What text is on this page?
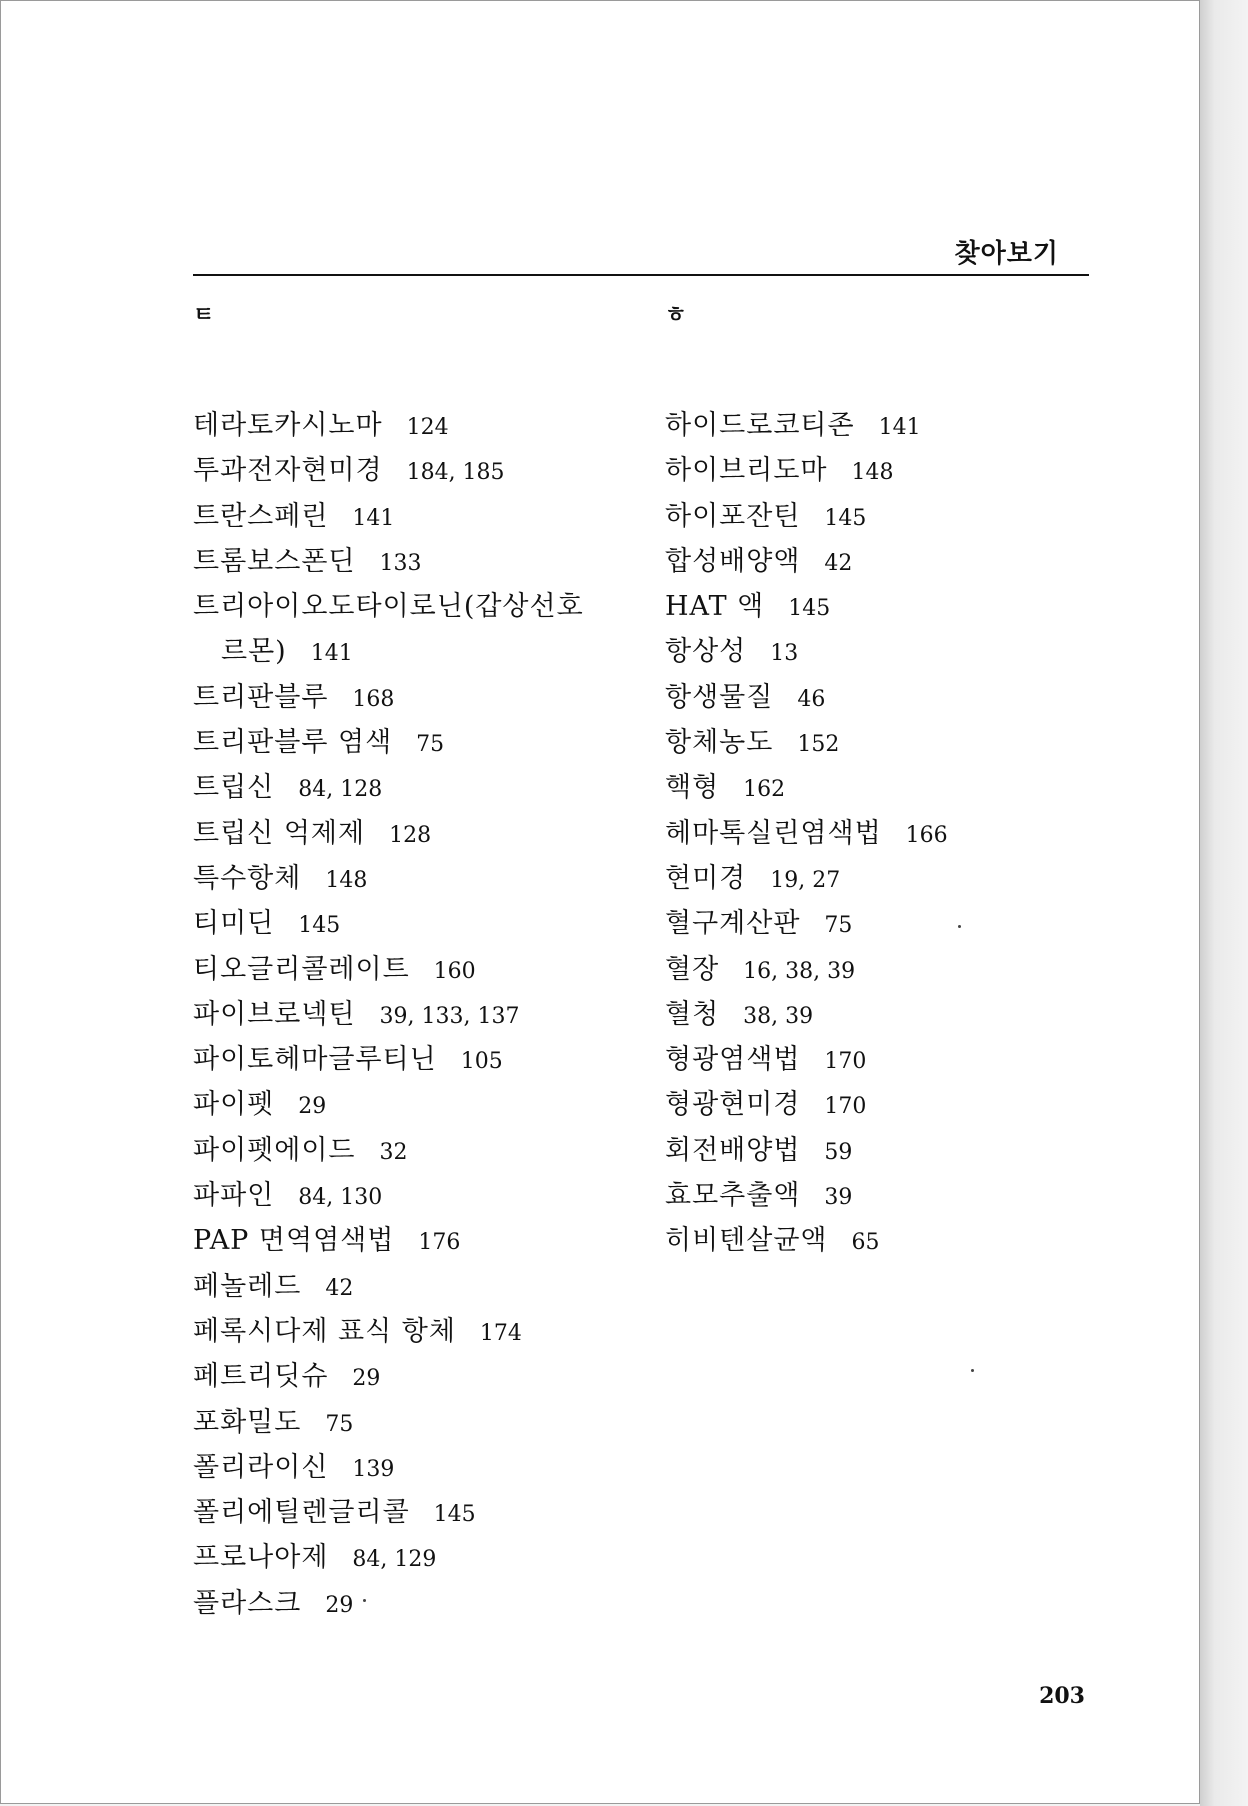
찾아보기
ㅌ
테라토카시노마 124
투과전자현미경 184, 185
트란스페린 141
트롬보스폰딘 133
트리아이오도타이로닌(갑상선호
르몬) 141
트리판블루 168
트리판블루 염색 75
트립신 84, 128
트립신 억제제 128
특수항체 148
티미딘 145
티오글리콜레이트 160
파이브로넥틴 39, 133, 137
파이토헤마글루티닌 105
파이펫 29
파이펫에이드 32
파파인 84, 130
PAP 면역염색법 176
페놀레드 42
페록시다제 표식 항체 174
페트리딧슈 29
포화밀도 75
폴리라이신 139
폴리에틸렌글리콜 145
프로나아제 84, 129
플라스크 29
ㅎ
하이드로코티존 141
하이브리도마 148
하이포잔틴 145
합성배양액 42
HAT 액 145
항상성 13
항생물질 46
항체농도 152
핵형 162
헤마톡실린염색법 166
현미경 19, 27
혈구계산판 75
혈장 16, 38, 39
혈청 38, 39
형광염색법 170
형광현미경 170
회전배양법 59
효모추출액 39
히비텐살균액 65
203
